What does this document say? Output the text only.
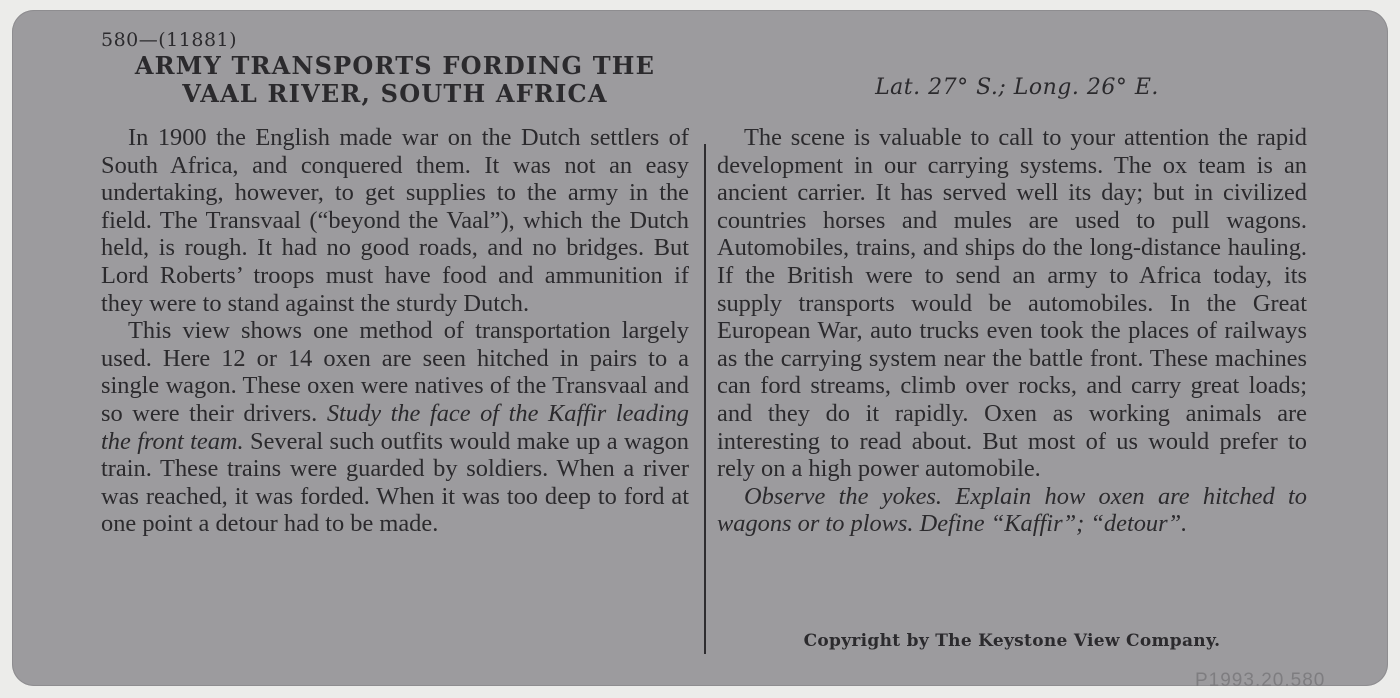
580—(11881)
ARMY TRANSPORTS FORDING THE
VAAL RIVER, SOUTH AFRICA	Lat. 27° S.; Long. 26° E.

In 1900 the English made war on the Dutch settlers of South Africa, and conquered them. It was not an easy undertaking, however, to get supplies to the army in the field. The Transvaal (“beyond the Vaal”), which the Dutch held, is rough. It had no good roads, and no bridges. But Lord Roberts’ troops must have food and ammunition if they were to stand against the sturdy Dutch.

This view shows one method of transportation largely used. Here 12 or 14 oxen are seen hitched in pairs to a single wagon. These oxen were natives of the Transvaal and so were their drivers. Study the face of the Kaffir leading the front team. Several such outfits would make up a wagon train. These trains were guarded by soldiers. When a river was reached, it was forded. When it was too deep to ford at one point a detour had to be made.

The scene is valuable to call to your attention the rapid development in our carrying systems. The ox team is an ancient carrier. It has served well its day; but in civilized countries horses and mules are used to pull wagons. Automobiles, trains, and ships do the long-distance hauling. If the British were to send an army to Africa today, its supply transports would be automobiles. In the Great European War, auto trucks even took the places of railways as the carrying system near the battle front. These machines can ford streams, climb over rocks, and carry great loads; and they do it rapidly. Oxen as working animals are interesting to read about. But most of us would prefer to rely on a high power automobile.

Observe the yokes. Explain how oxen are hitched to wagons or to plows. Define “Kaffir”; “detour”.

Copyright by The Keystone View Company.
P1993.20.580
